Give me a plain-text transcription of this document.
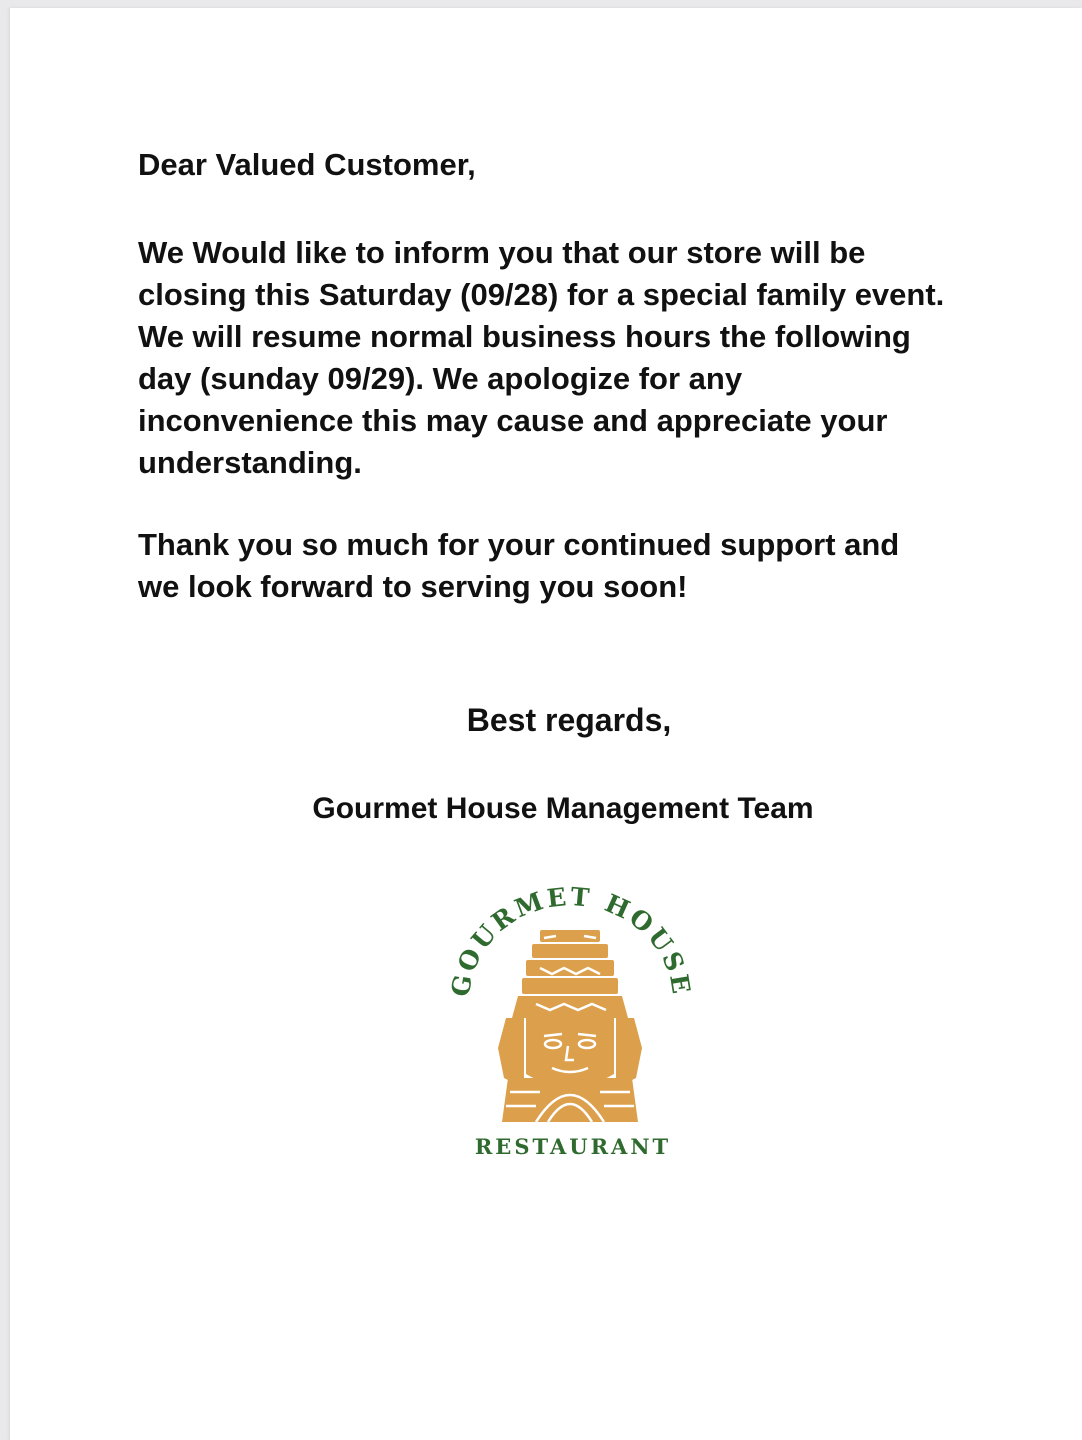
Dear Valued Customer,

We Would like to inform you that our store will be
closing this Saturday (09/28) for a special family event.
We will resume normal business hours the following
day (sunday 09/29). We apologize for any
inconvenience this may cause and appreciate your
understanding.

Thank you so much for your continued support and
we look forward to serving you soon!

Best regards,
Gourmet House Management Team
GOURMET HOUSE
RESTAURANT
